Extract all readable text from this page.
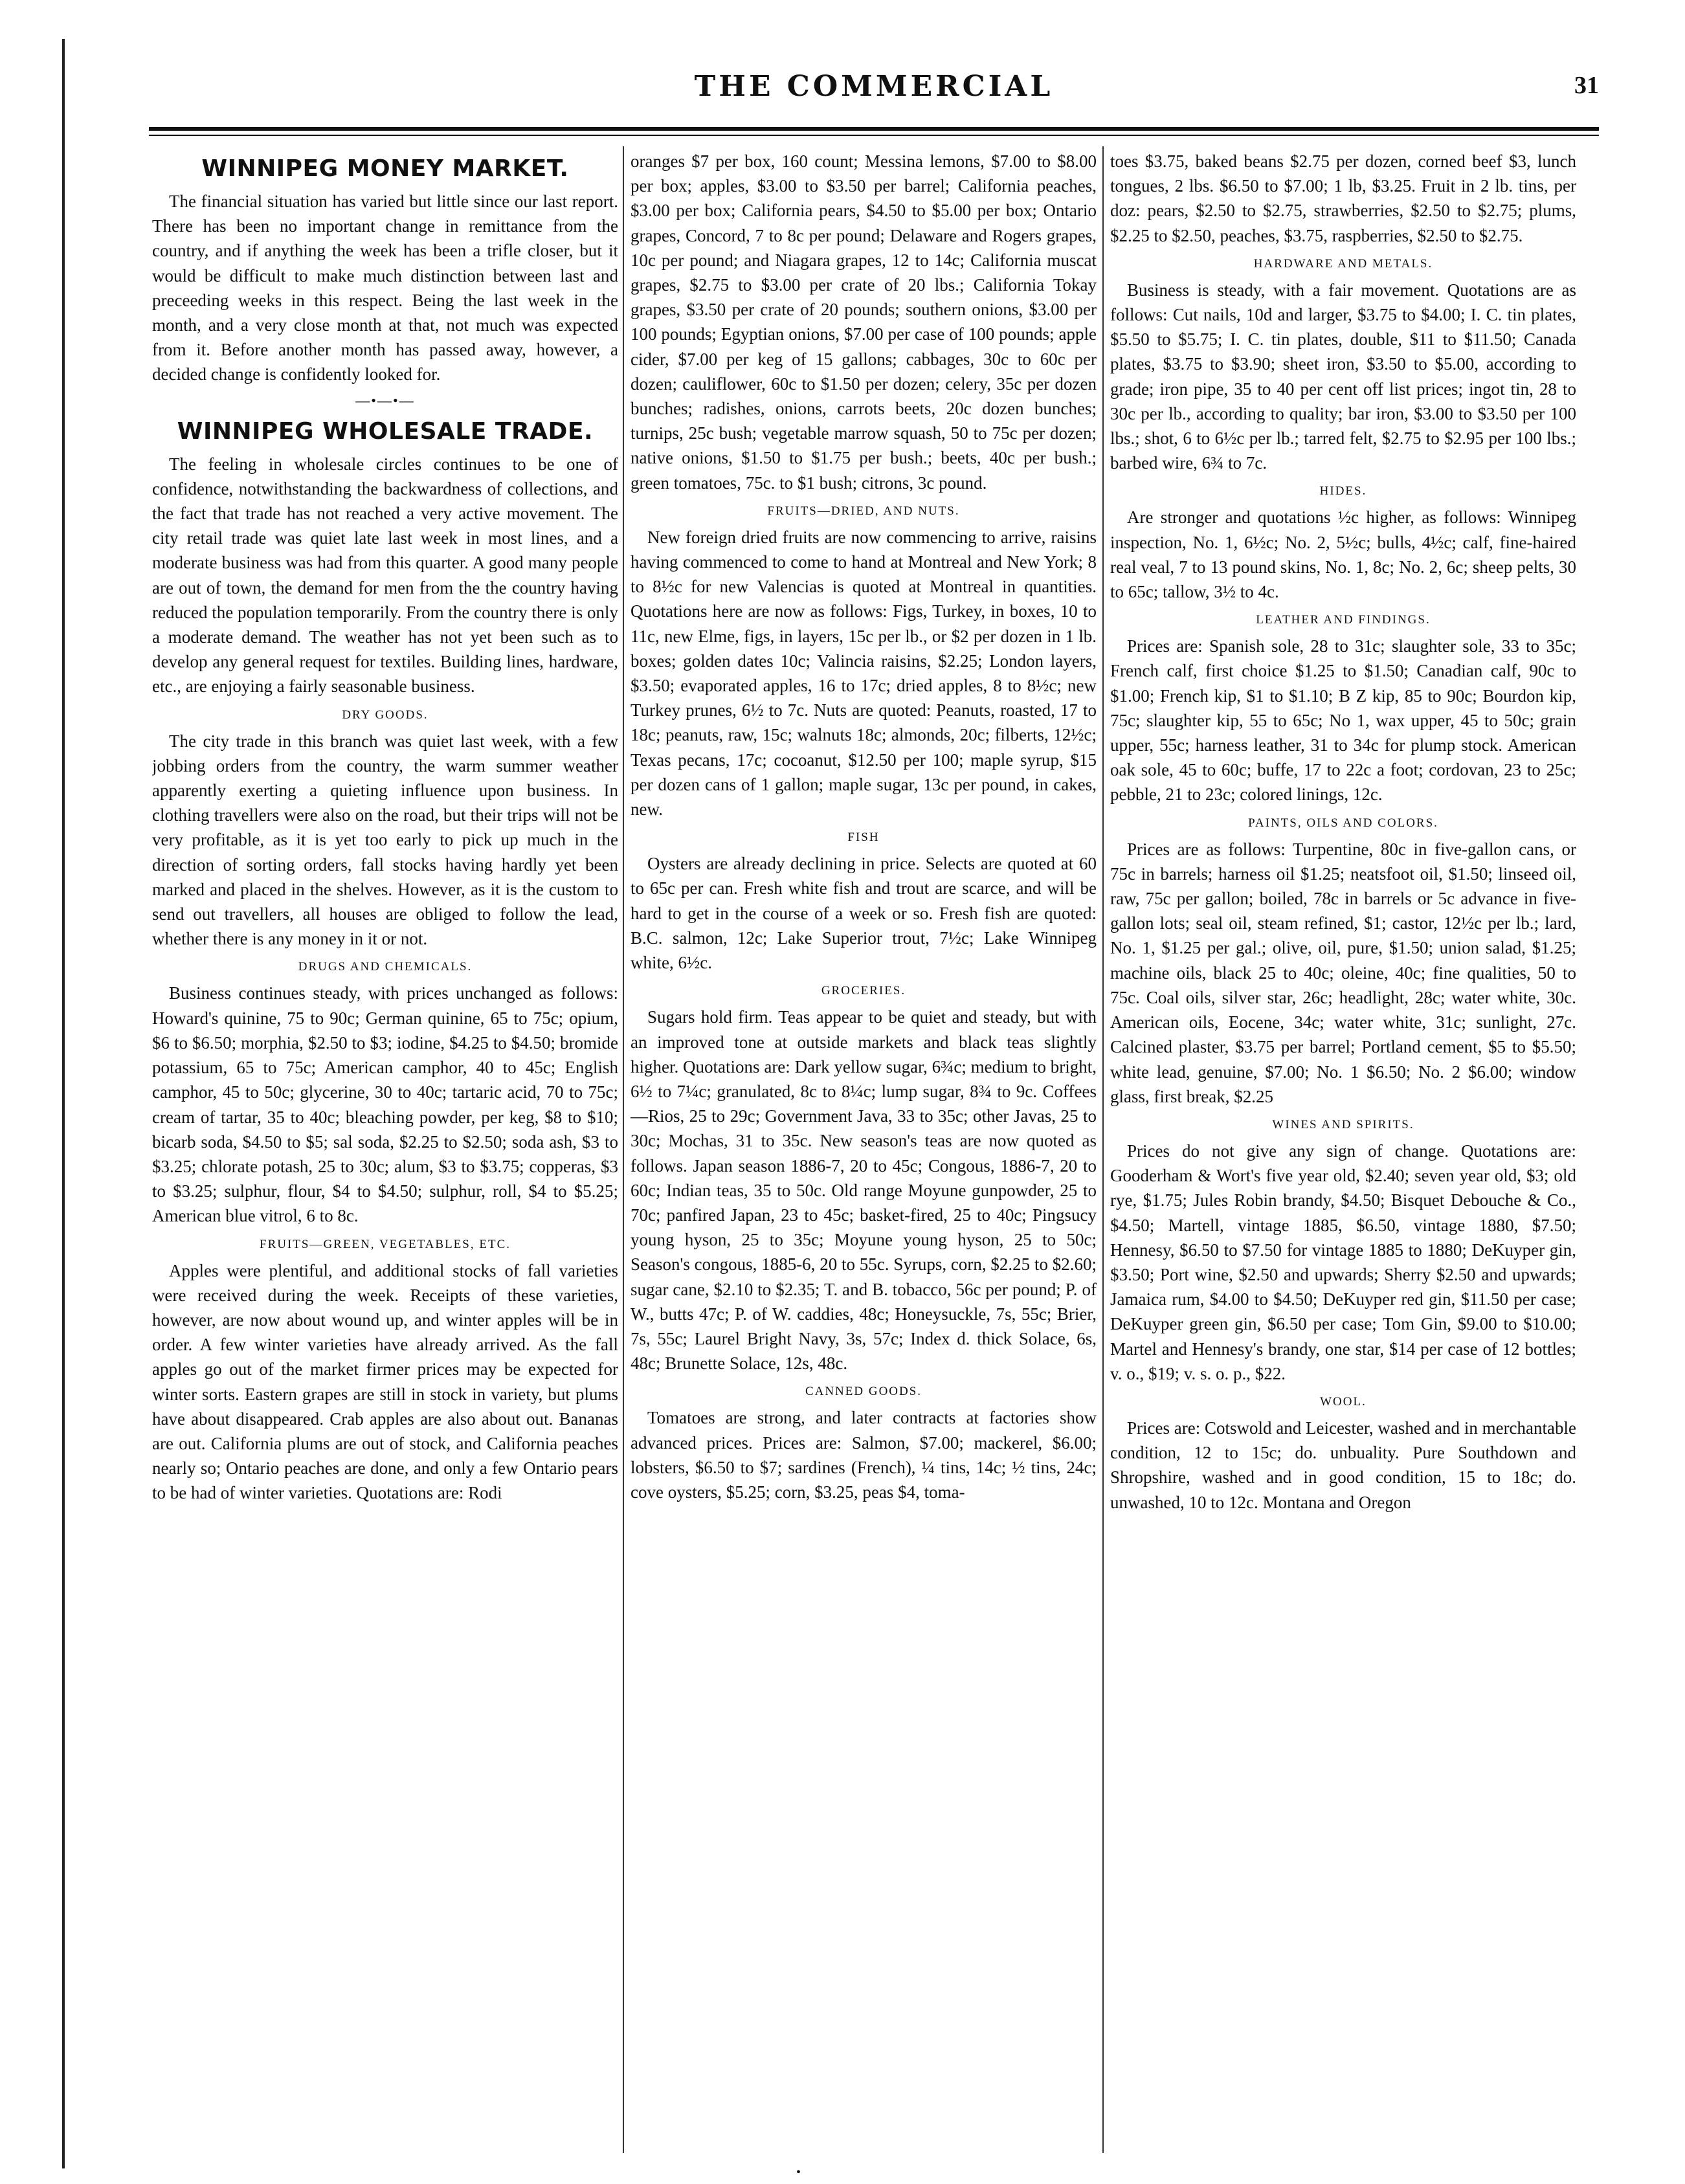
THE COMMERCIAL	31
WINNIPEG MONEY MARKET.

The financial situation has varied but little since our last report. There has been no important change in remittance from the country, and if anything the week has been a trifle closer, but it would be difficult to make much distinction between last and preceeding weeks in this respect. Being the last week in the month, and a very close month at that, not much was expected from it. Before another month has passed away, however, a decided change is confidently looked for.

—•—•—
WINNIPEG WHOLESALE TRADE.

The feeling in wholesale circles continues to be one of confidence, notwithstanding the backwardness of collections, and the fact that trade has not reached a very active movement. The city retail trade was quiet late last week in most lines, and a moderate business was had from this quarter. A good many people are out of town, the demand for men from the the country having reduced the population temporarily. From the country there is only a moderate demand. The weather has not yet been such as to develop any general request for textiles. Building lines, hardware, etc., are enjoying a fairly seasonable business.

DRY GOODS.

The city trade in this branch was quiet last week, with a few jobbing orders from the country, the warm summer weather apparently exerting a quieting influence upon business. In clothing travellers were also on the road, but their trips will not be very profitable, as it is yet too early to pick up much in the direction of sorting orders, fall stocks having hardly yet been marked and placed in the shelves. However, as it is the custom to send out travellers, all houses are obliged to follow the lead, whether there is any money in it or not.

DRUGS AND CHEMICALS.

Business continues steady, with prices unchanged as follows: Howard's quinine, 75 to 90c; German quinine, 65 to 75c; opium, $6 to $6.50; morphia, $2.50 to $3; iodine, $4.25 to $4.50; bromide potassium, 65 to 75c; American camphor, 40 to 45c; English camphor, 45 to 50c; glycerine, 30 to 40c; tartaric acid, 70 to 75c; cream of tartar, 35 to 40c; bleaching powder, per keg, $8 to $10; bicarb soda, $4.50 to $5; sal soda, $2.25 to $2.50; soda ash, $3 to $3.25; chlorate potash, 25 to 30c; alum, $3 to $3.75; copperas, $3 to $3.25; sulphur, flour, $4 to $4.50; sulphur, roll, $4 to $5.25; American blue vitrol, 6 to 8c.

FRUITS—GREEN, VEGETABLES, ETC.

Apples were plentiful, and additional stocks of fall varieties were received during the week. Receipts of these varieties, however, are now about wound up, and winter apples will be in order. A few winter varieties have already arrived. As the fall apples go out of the market firmer prices may be expected for winter sorts. Eastern grapes are still in stock in variety, but plums have about disappeared. Crab apples are also about out. Bananas are out. California plums are out of stock, and California peaches nearly so; Ontario peaches are done, and only a few Ontario pears to be had of winter varieties. Quotations are: Rodi

oranges $7 per box, 160 count; Messina lemons, $7.00 to $8.00 per box; apples, $3.00 to $3.50 per barrel; California peaches, $3.00 per box; California pears, $4.50 to $5.00 per box; Ontario grapes, Concord, 7 to 8c per pound; Delaware and Rogers grapes, 10c per pound; and Niagara grapes, 12 to 14c; California muscat grapes, $2.75 to $3.00 per crate of 20 lbs.; California Tokay grapes, $3.50 per crate of 20 pounds; southern onions, $3.00 per 100 pounds; Egyptian onions, $7.00 per case of 100 pounds; apple cider, $7.00 per keg of 15 gallons; cabbages, 30c to 60c per dozen; cauliflower, 60c to $1.50 per dozen; celery, 35c per dozen bunches; radishes, onions, carrots beets, 20c dozen bunches; turnips, 25c bush; vegetable marrow squash, 50 to 75c per dozen; native onions, $1.50 to $1.75 per bush.; beets, 40c per bush.; green tomatoes, 75c. to $1 bush; citrons, 3c pound.

FRUITS—DRIED, AND NUTS.

New foreign dried fruits are now commencing to arrive, raisins having commenced to come to hand at Montreal and New York; 8 to 8½c for new Valencias is quoted at Montreal in quantities. Quotations here are now as follows: Figs, Turkey, in boxes, 10 to 11c, new Elme, figs, in layers, 15c per lb., or $2 per dozen in 1 lb. boxes; golden dates 10c; Valincia raisins, $2.25; London layers, $3.50; evaporated apples, 16 to 17c; dried apples, 8 to 8½c; new Turkey prunes, 6½ to 7c. Nuts are quoted: Peanuts, roasted, 17 to 18c; peanuts, raw, 15c; walnuts 18c; almonds, 20c; filberts, 12½c; Texas pecans, 17c; cocoanut, $12.50 per 100; maple syrup, $15 per dozen cans of 1 gallon; maple sugar, 13c per pound, in cakes, new.

FISH

Oysters are already declining in price. Selects are quoted at 60 to 65c per can. Fresh white fish and trout are scarce, and will be hard to get in the course of a week or so. Fresh fish are quoted: B.C. salmon, 12c; Lake Superior trout, 7½c; Lake Winnipeg white, 6½c.

GROCERIES.

Sugars hold firm. Teas appear to be quiet and steady, but with an improved tone at outside markets and black teas slightly higher. Quotations are: Dark yellow sugar, 6¾c; medium to bright, 6½ to 7¼c; granulated, 8c to 8¼c; lump sugar, 8¾ to 9c. Coffees—Rios, 25 to 29c; Government Java, 33 to 35c; other Javas, 25 to 30c; Mochas, 31 to 35c. New season's teas are now quoted as follows. Japan season 1886-7, 20 to 45c; Congous, 1886-7, 20 to 60c; Indian teas, 35 to 50c. Old range Moyune gunpowder, 25 to 70c; panfired Japan, 23 to 45c; basket-fired, 25 to 40c; Pingsucy young hyson, 25 to 35c; Moyune young hyson, 25 to 50c; Season's congous, 1885-6, 20 to 55c. Syrups, corn, $2.25 to $2.60; sugar cane, $2.10 to $2.35; T. and B. tobacco, 56c per pound; P. of W., butts 47c; P. of W. caddies, 48c; Honeysuckle, 7s, 55c; Brier, 7s, 55c; Laurel Bright Navy, 3s, 57c; Index d. thick Solace, 6s, 48c; Brunette Solace, 12s, 48c.

CANNED GOODS.

Tomatoes are strong, and later contracts at factories show advanced prices. Prices are: Salmon, $7.00; mackerel, $6.00; lobsters, $6.50 to $7; sardines (French), ¼ tins, 14c; ½ tins, 24c; cove oysters, $5.25; corn, $3.25, peas $4, toma-

toes $3.75, baked beans $2.75 per dozen, corned beef $3, lunch tongues, 2 lbs. $6.50 to $7.00; 1 lb, $3.25. Fruit in 2 lb. tins, per doz: pears, $2.50 to $2.75, strawberries, $2.50 to $2.75; plums, $2.25 to $2.50, peaches, $3.75, raspberries, $2.50 to $2.75.

HARDWARE AND METALS.

Business is steady, with a fair movement. Quotations are as follows: Cut nails, 10d and larger, $3.75 to $4.00; I. C. tin plates, $5.50 to $5.75; I. C. tin plates, double, $11 to $11.50; Canada plates, $3.75 to $3.90; sheet iron, $3.50 to $5.00, according to grade; iron pipe, 35 to 40 per cent off list prices; ingot tin, 28 to 30c per lb., according to quality; bar iron, $3.00 to $3.50 per 100 lbs.; shot, 6 to 6½c per lb.; tarred felt, $2.75 to $2.95 per 100 lbs.; barbed wire, 6¾ to 7c.

HIDES.

Are stronger and quotations ½c higher, as follows: Winnipeg inspection, No. 1, 6½c; No. 2, 5½c; bulls, 4½c; calf, fine-haired real veal, 7 to 13 pound skins, No. 1, 8c; No. 2, 6c; sheep pelts, 30 to 65c; tallow, 3½ to 4c.

LEATHER AND FINDINGS.

Prices are: Spanish sole, 28 to 31c; slaughter sole, 33 to 35c; French calf, first choice $1.25 to $1.50; Canadian calf, 90c to $1.00; French kip, $1 to $1.10; B Z kip, 85 to 90c; Bourdon kip, 75c; slaughter kip, 55 to 65c; No 1, wax upper, 45 to 50c; grain upper, 55c; harness leather, 31 to 34c for plump stock. American oak sole, 45 to 60c; buffe, 17 to 22c a foot; cordovan, 23 to 25c; pebble, 21 to 23c; colored linings, 12c.

PAINTS, OILS AND COLORS.

Prices are as follows: Turpentine, 80c in five-gallon cans, or 75c in barrels; harness oil $1.25; neatsfoot oil, $1.50; linseed oil, raw, 75c per gallon; boiled, 78c in barrels or 5c advance in five-gallon lots; seal oil, steam refined, $1; castor, 12½c per lb.; lard, No. 1, $1.25 per gal.; olive, oil, pure, $1.50; union salad, $1.25; machine oils, black 25 to 40c; oleine, 40c; fine qualities, 50 to 75c. Coal oils, silver star, 26c; headlight, 28c; water white, 30c. American oils, Eocene, 34c; water white, 31c; sunlight, 27c. Calcined plaster, $3.75 per barrel; Portland cement, $5 to $5.50; white lead, genuine, $7.00; No. 1 $6.50; No. 2 $6.00; window glass, first break, $2.25

WINES AND SPIRITS.

Prices do not give any sign of change. Quotations are: Gooderham & Wort's five year old, $2.40; seven year old, $3; old rye, $1.75; Jules Robin brandy, $4.50; Bisquet Debouche & Co., $4.50; Martell, vintage 1885, $6.50, vintage 1880, $7.50; Hennesy, $6.50 to $7.50 for vintage 1885 to 1880; DeKuyper gin, $3.50; Port wine, $2.50 and upwards; Sherry $2.50 and upwards; Jamaica rum, $4.00 to $4.50; DeKuyper red gin, $11.50 per case; DeKuyper green gin, $6.50 per case; Tom Gin, $9.00 to $10.00; Martel and Hennesy's brandy, one star, $14 per case of 12 bottles; v. o., $19; v. s. o. p., $22.

WOOL.

Prices are: Cotswold and Leicester, washed and in merchantable condition, 12 to 15c; do. unbuality. Pure Southdown and Shropshire, washed and in good condition, 15 to 18c; do. unwashed, 10 to 12c. Montana and Oregon

•
